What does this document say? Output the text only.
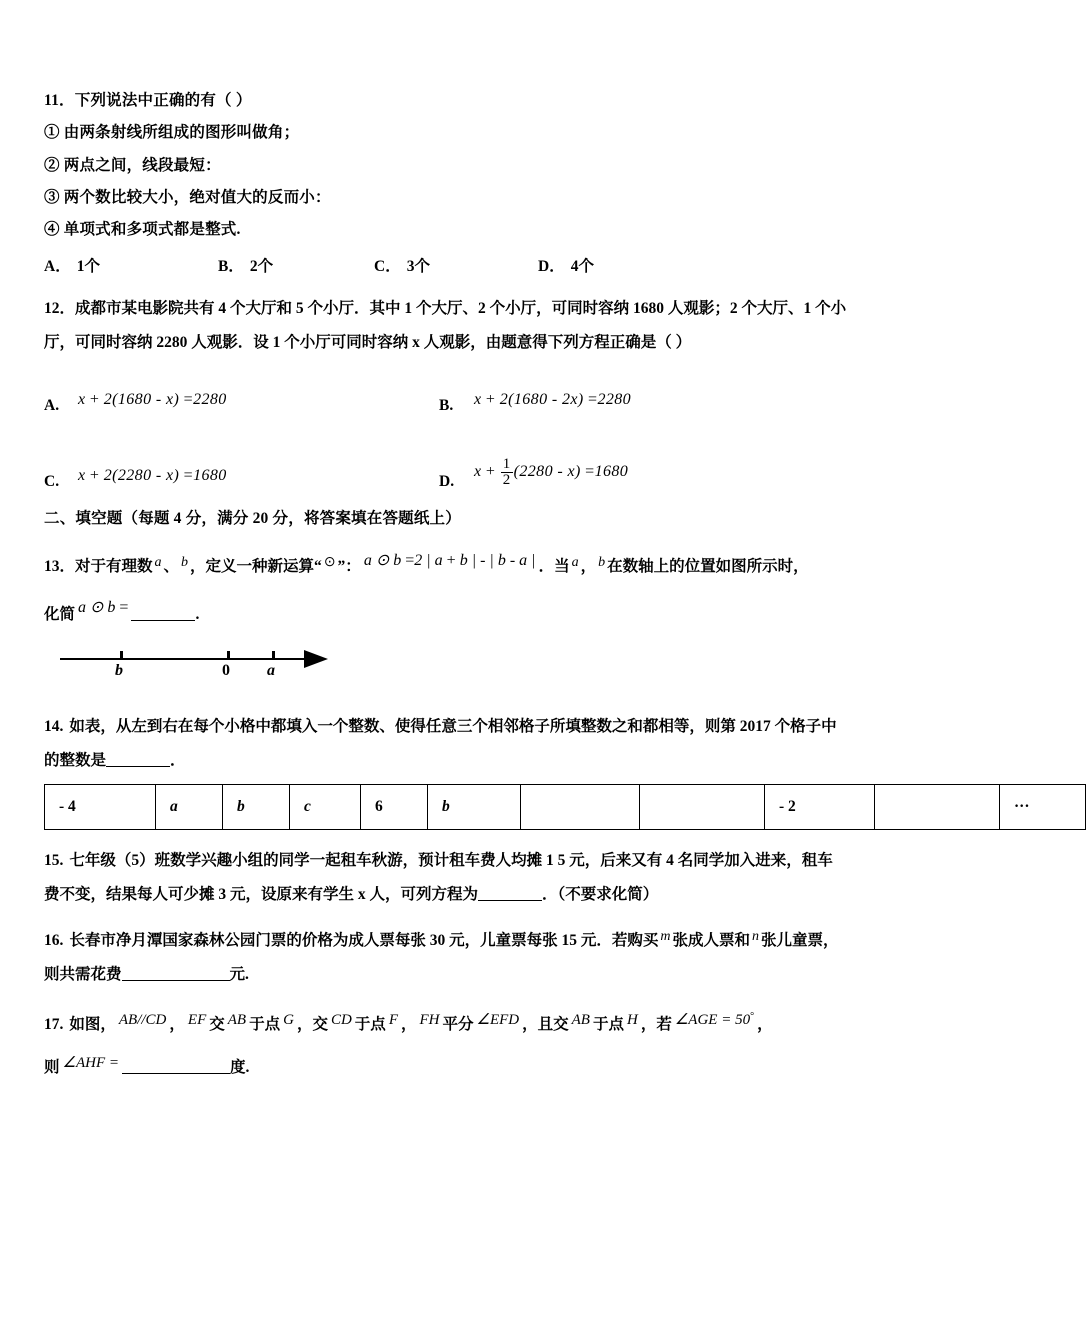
11．下列说法中正确的有（ ）
① 由两条射线所组成的图形叫做角；
② 两点之间，线段最短：
③ 两个数比较大小，绝对值大的反而小：
④ 单项式和多项式都是整式.
A． 1个	B． 2个	C． 3个	D． 4个
12．成都市某电影院共有 4 个大厅和 5 个小厅．其中 1 个大厅、2 个小厅，可同时容纳 1680 人观影；2 个大厅、1 个小
厅，可同时容纳 2280 人观影．设 1 个小厅可同时容纳 x 人观影，由题意得下列方程正确是（ ）
A. x + 2(1680 - x) =2280	B. x + 2(1680 - 2x) =2280
C. x + 2(2280 - x) =1680	D.
$x + \frac{1}{2} (2280 - x) =1680$
二、填空题（每题 4 分，满分 20 分，将答案填在答题纸上）
13．对于有理数 a 、 b ，定义一种新运算“ ⊙ ”： a ⊙ b =2 | a + b | - | b - a | ．当 a ， b 在数轴上的位置如图所示时，
化简 a ⊙ b =	.
b	0 a
14. 如表，从左到右在每个小格中都填入一个整数、使得任意三个相邻格子所填整数之和都相等，则第 2017 个格子中
的整数是	．
- 4	a	b	c	6	b			- 2		···
15. 七年级（5）班数学兴趣小组的同学一起租车秋游，预计租车费人均摊 1 5 元，后来又有 4 名同学加入进来，租车
费不变，结果每人可少摊 3 元，设原来有学生 x 人，可列方程为	．（不要求化简）
16. 长春市净月潭国家森林公园门票的价格为成人票每张 30 元，儿童票每张 15 元．若购买 m 张成人票和 n 张儿童票，
则共需花费	元.
17. 如图， AB//CD ， EF 交 AB 于点 G ，交 CD 于点 F ， FH 平分 ∠EFD ，且交 AB 于点 H ，若 ∠AGE = 50° ，
则 ∠AHF =	度.
